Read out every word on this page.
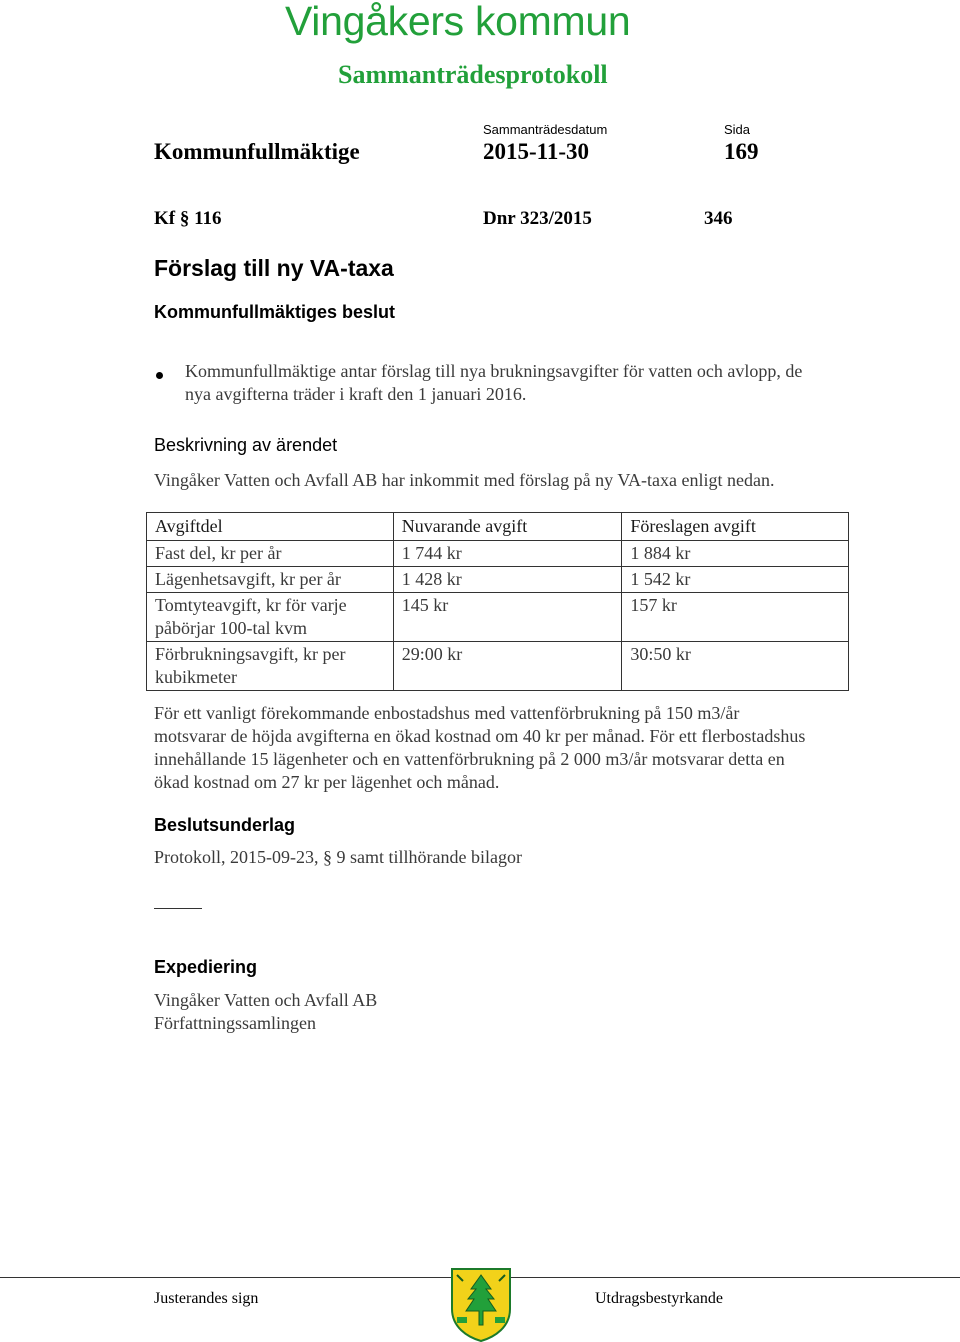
Vingåkers kommun
Sammanträdesprotokoll
Sammanträdesdatum	Sida
Kommunfullmäktige	2015-11-30	169
Kf § 116	Dnr 323/2015	346
Förslag till ny VA-taxa
Kommunfullmäktiges beslut
Kommunfullmäktige antar förslag till nya brukningsavgifter för vatten och avlopp, de
nya avgifterna träder i kraft den 1 januari 2016.
Beskrivning av ärendet
Vingåker Vatten och Avfall AB har inkommit med förslag på ny VA-taxa enligt nedan.
Avgiftdel	Nuvarande avgift	Föreslagen avgift
Fast del, kr per år	1 744 kr	1 884 kr
Lägenhetsavgift, kr per år	1 428 kr	1 542 kr

Tomtyteavgift, kr för varje
påbörjar 100-tal kvm	145 kr	157 kr

Förbrukningsavgift, kr per
kubikmeter	29:00 kr	30:50 kr
För ett vanligt förekommande enbostadshus med vattenförbrukning på 150 m3/år
motsvarar de höjda avgifterna en ökad kostnad om 40 kr per månad. För ett flerbostadshus
innehållande 15 lägenheter och en vattenförbrukning på 2 000 m3/år motsvarar detta en
ökad kostnad om 27 kr per lägenhet och månad.
Beslutsunderlag
Protokoll, 2015-09-23, § 9 samt tillhörande bilagor
Expediering
Vingåker Vatten och Avfall AB
Författningssamlingen
Justerandes sign	Utdragsbestyrkande
